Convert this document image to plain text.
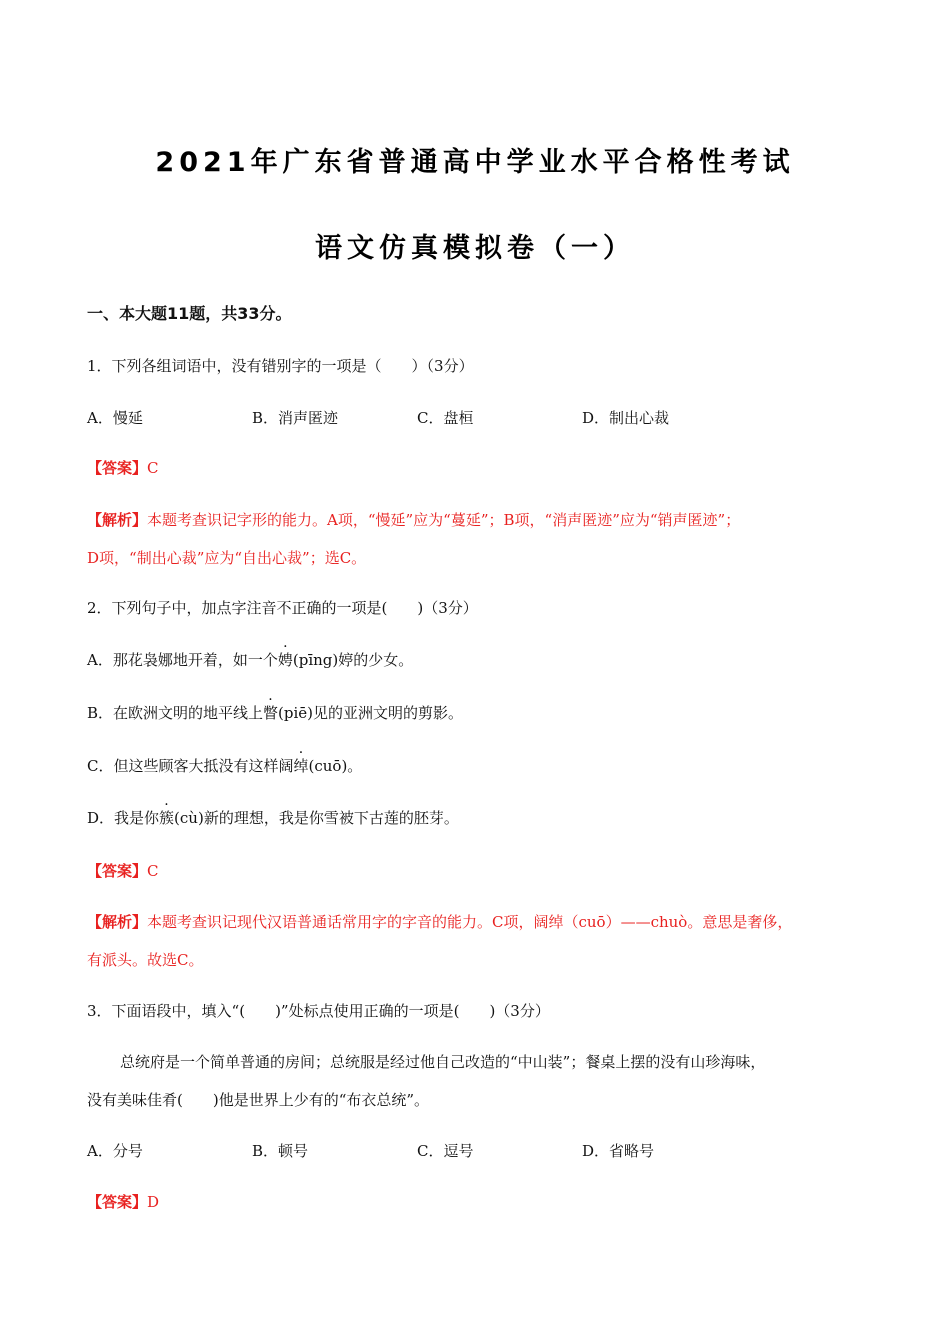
2021年广东省普通高中学业水平合格性考试
语文仿真模拟卷（一）
一、本大题11题，共33分。
1．下列各组词语中，没有错别字的一项是（　　）（3分）
A．慢延	B．消声匿迹	C．盘桓	D．制出心裁
【答案】C
【解析】本题考查识记字形的能力。A项，“慢延”应为“蔓延”；B项，“消声匿迹”应为“销声匿迹”；
D项，“制出心裁”应为“自出心裁”；选C。
2．下列句子中，加点字注音不正确的一项是(　　)（3分）
A．那花袅娜地开着，如一个娉(pīng)婷的少女。
B．在欧洲文明的地平线上瞥(piē)见的亚洲文明的剪影。
C．但这些顾客大抵没有这样阔绰(cuō)。
D．我是你簇(cù)新的理想，我是你雪被下古莲的胚芽。
【答案】C
【解析】本题考查识记现代汉语普通话常用字的字音的能力。C项，阔绰（cuō）——chuò。意思是奢侈，
有派头。故选C。
3．下面语段中，填入“(　　)”处标点使用正确的一项是(　　)（3分）
总统府是一个简单普通的房间；总统服是经过他自己改造的“中山装”；餐桌上摆的没有山珍海味，
没有美味佳肴(　　)他是世界上少有的“布衣总统”。
A．分号	B．顿号	C．逗号	D．省略号
【答案】D
